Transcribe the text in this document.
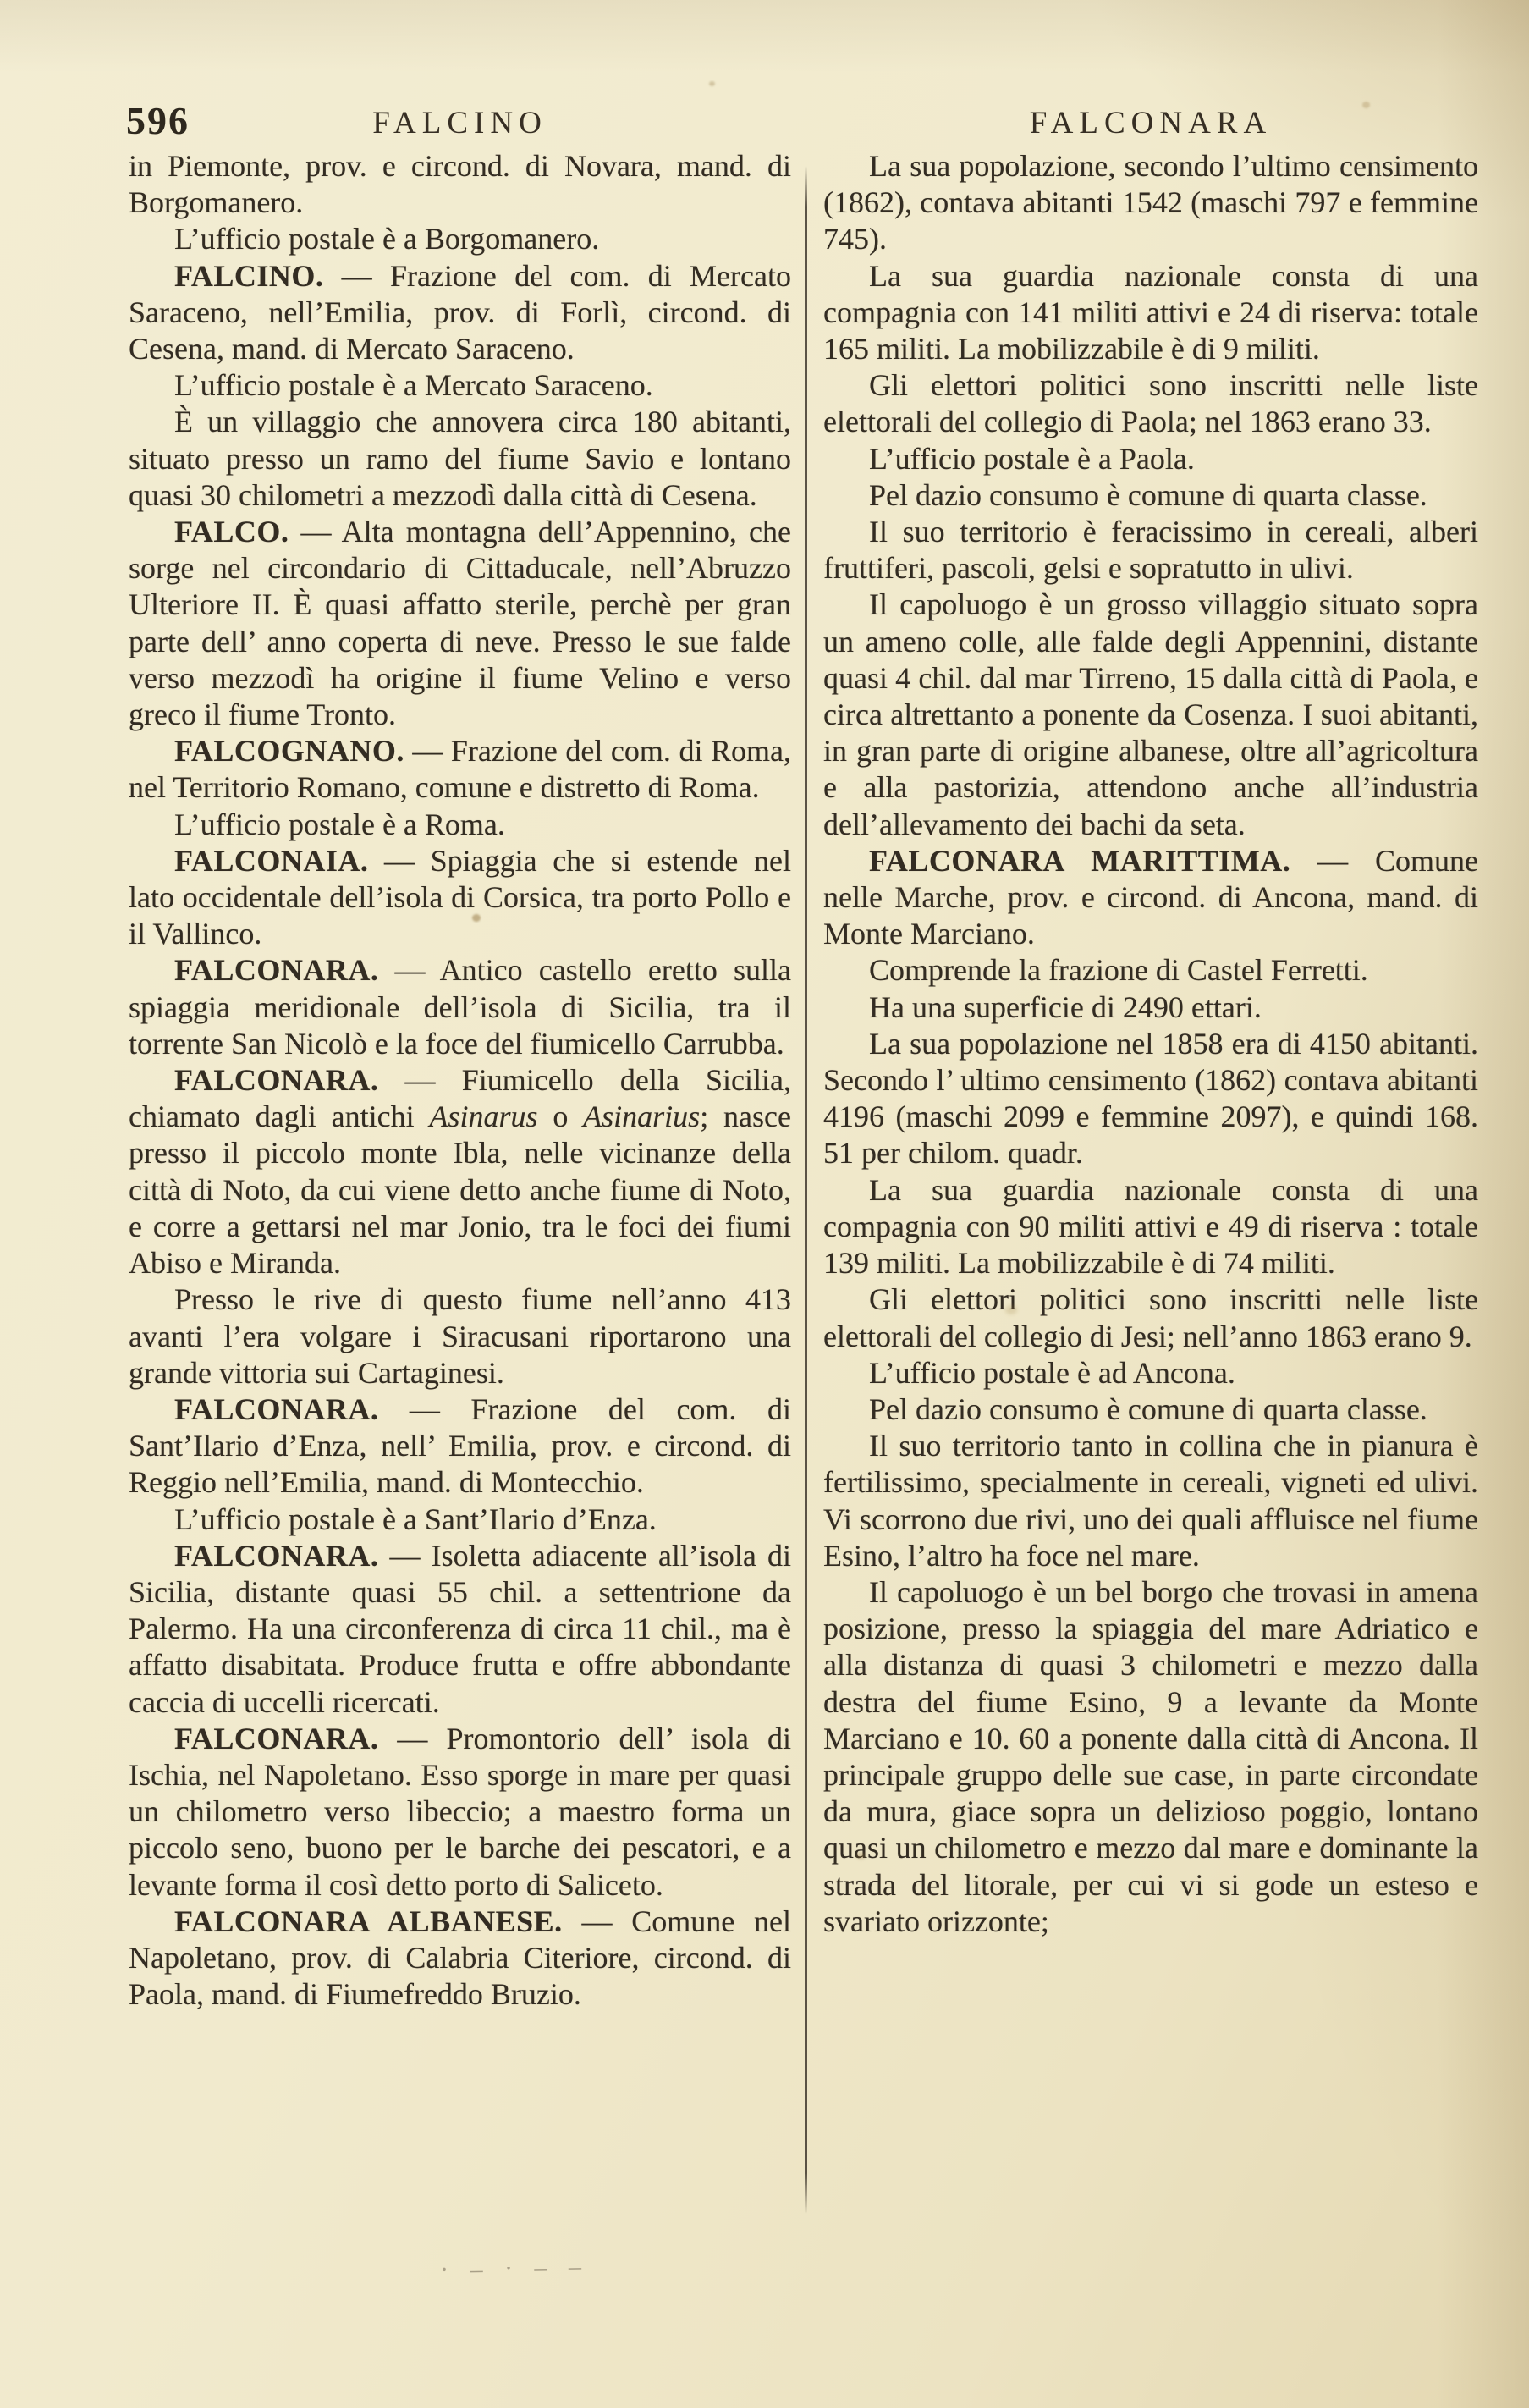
596	FALCINO	FALCONARA

in Piemonte, prov. e circond. di Novara, mand. di Borgomanero.

L’ufficio postale è a Borgomanero.

FALCINO. — Frazione del com. di Mercato Saraceno, nell’Emilia, prov. di Forlì, circond. di Cesena, mand. di Mercato Saraceno.

L’ufficio postale è a Mercato Saraceno.

È un villaggio che annovera circa 180 abitanti, situato presso un ramo del fiume Savio e lontano quasi 30 chilometri a mezzodì dalla città di Cesena.

FALCO. — Alta montagna dell’Appennino, che sorge nel circondario di Cittaducale, nell’Abruzzo Ulteriore II. È quasi affatto sterile, perchè per gran parte dell’ anno coperta di neve. Presso le sue falde verso mezzodì ha origine il fiume Velino e verso greco il fiume Tronto.

FALCOGNANO. — Frazione del com. di Roma, nel Territorio Romano, comune e distretto di Roma.

L’ufficio postale è a Roma.

FALCONAIA. — Spiaggia che si estende nel lato occidentale dell’isola di Corsica, tra porto Pollo e il Vallinco.

FALCONARA. — Antico castello eretto sulla spiaggia meridionale dell’isola di Sicilia, tra il torrente San Nicolò e la foce del fiumicello Carrubba.

FALCONARA. — Fiumicello della Sicilia, chiamato dagli antichi Asinarus o Asinarius; nasce presso il piccolo monte Ibla, nelle vicinanze della città di Noto, da cui viene detto anche fiume di Noto, e corre a gettarsi nel mar Jonio, tra le foci dei fiumi Abiso e Miranda.

Presso le rive di questo fiume nell’anno 413 avanti l’era volgare i Siracusani riportarono una grande vittoria sui Cartaginesi.

FALCONARA. — Frazione del com. di Sant’Ilario d’Enza, nell’ Emilia, prov. e circond. di Reggio nell’Emilia, mand. di Montecchio.

L’ufficio postale è a Sant’Ilario d’Enza.

FALCONARA. — Isoletta adiacente all’isola di Sicilia, distante quasi 55 chil. a settentrione da Palermo. Ha una circonferenza di circa 11 chil., ma è affatto disabitata. Produce frutta e offre abbondante caccia di uccelli ricercati.

FALCONARA. — Promontorio dell’ isola di Ischia, nel Napoletano. Esso sporge in mare per quasi un chilometro verso libeccio; a maestro forma un piccolo seno, buono per le barche dei pescatori, e a levante forma il così detto porto di Saliceto.

FALCONARA ALBANESE. — Comune nel Napoletano, prov. di Calabria Citeriore, circond. di Paola, mand. di Fiumefreddo Bruzio.

La sua popolazione, secondo l’ultimo censimento (1862), contava abitanti 1542 (maschi 797 e femmine 745).

La sua guardia nazionale consta di una compagnia con 141 militi attivi e 24 di riserva: totale 165 militi. La mobilizzabile è di 9 militi.

Gli elettori politici sono inscritti nelle liste elettorali del collegio di Paola; nel 1863 erano 33.

L’ufficio postale è a Paola.

Pel dazio consumo è comune di quarta classe.

Il suo territorio è feracissimo in cereali, alberi fruttiferi, pascoli, gelsi e sopratutto in ulivi.

Il capoluogo è un grosso villaggio situato sopra un ameno colle, alle falde degli Appennini, distante quasi 4 chil. dal mar Tirreno, 15 dalla città di Paola, e circa altrettanto a ponente da Cosenza. I suoi abitanti, in gran parte di origine albanese, oltre all’agricoltura e alla pastorizia, attendono anche all’industria dell’allevamento dei bachi da seta.

FALCONARA MARITTIMA. — Comune nelle Marche, prov. e circond. di Ancona, mand. di Monte Marciano.

Comprende la frazione di Castel Ferretti.

Ha una superficie di 2490 ettari.

La sua popolazione nel 1858 era di 4150 abitanti. Secondo l’ ultimo censimento (1862) contava abitanti 4196 (maschi 2099 e femmine 2097), e quindi 168. 51 per chilom. quadr.

La sua guardia nazionale consta di una compagnia con 90 militi attivi e 49 di riserva : totale 139 militi. La mobilizzabile è di 74 militi.

Gli elettori politici sono inscritti nelle liste elettorali del collegio di Jesi; nell’anno 1863 erano 9.

L’ufficio postale è ad Ancona.

Pel dazio consumo è comune di quarta classe.

Il suo territorio tanto in collina che in pianura è fertilissimo, specialmente in cereali, vigneti ed ulivi. Vi scorrono due rivi, uno dei quali affluisce nel fiume Esino, l’altro ha foce nel mare.

Il capoluogo è un bel borgo che trovasi in amena posizione, presso la spiaggia del mare Adriatico e alla distanza di quasi 3 chilometri e mezzo dalla destra del fiume Esino, 9 a levante da Monte Marciano e 10. 60 a ponente dalla città di Ancona. Il principale gruppo delle sue case, in parte circondate da mura, giace sopra un delizioso poggio, lontano quasi un chilometro e mezzo dal mare e dominante la strada del litorale, per cui vi si gode un esteso e svariato orizzonte;

· – · – –
